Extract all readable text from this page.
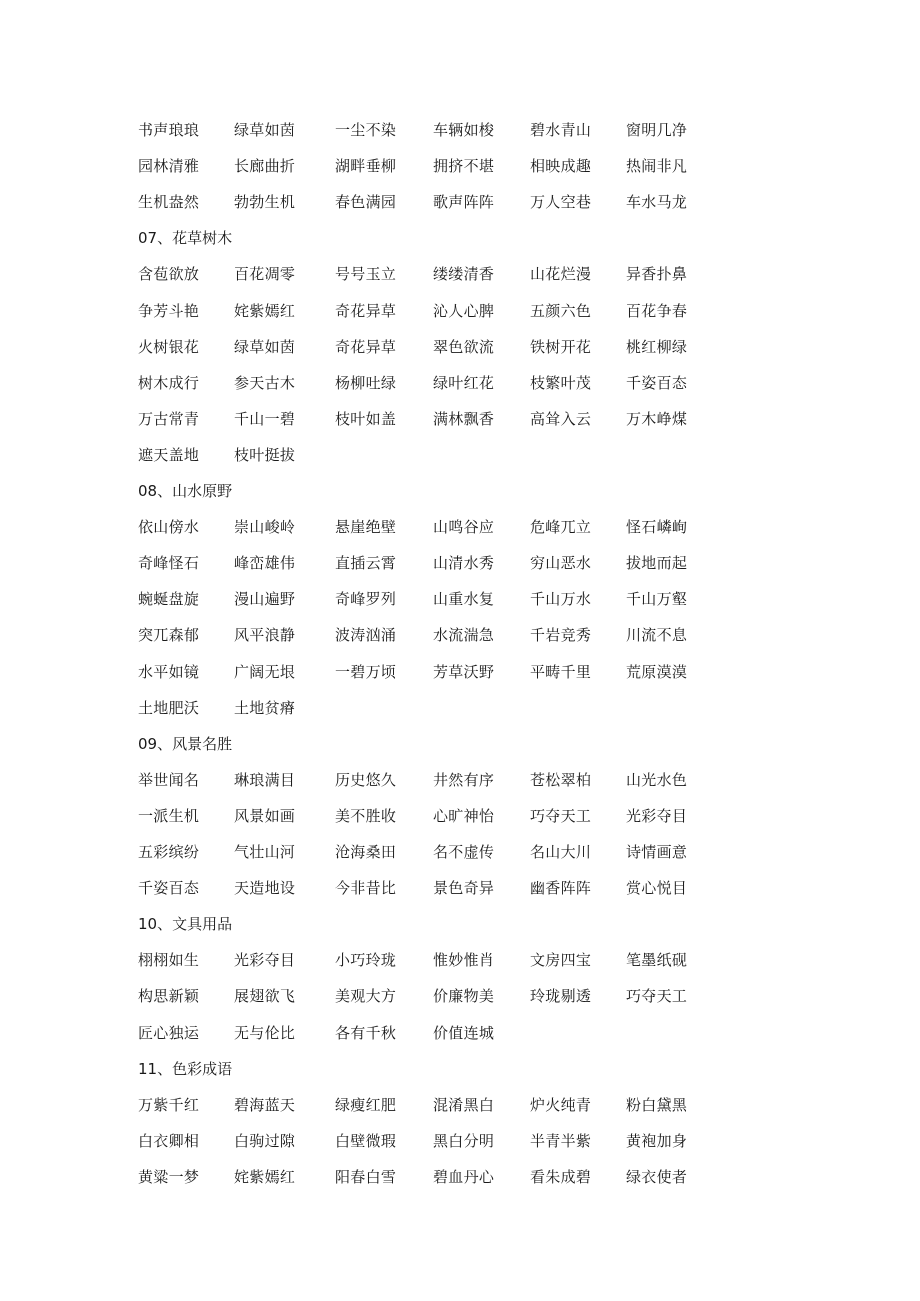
书声琅琅 绿草如茵	一尘不染 车辆如梭 碧水青山 窗明几净
园林清雅 长廊曲折	湖畔垂柳 拥挤不堪 相映成趣 热闹非凡
生机盎然 勃勃生机	春色满园 歌声阵阵 万人空巷 车水马龙
07、花草树木
含苞欲放 百花凋零	号号玉立 缕缕清香 山花烂漫 异香扑鼻
争芳斗艳 姹紫嫣红	奇花异草 沁人心脾 五颜六色 百花争春
火树银花 绿草如茵	奇花异草 翠色欲流 铁树开花 桃红柳绿
树木成行 参天古木	杨柳吐绿 绿叶红花 枝繁叶茂 千姿百态
万古常青 千山一碧	枝叶如盖 满林飘香 高耸入云 万木峥煤
遮天盖地 枝叶挺拔
08、山水原野
依山傍水 崇山峻岭	悬崖绝壁 山鸣谷应 危峰兀立 怪石嶙峋
奇峰怪石 峰峦雄伟	直插云霄 山清水秀 穷山恶水 拔地而起
蜿蜒盘旋 漫山遍野	奇峰罗列 山重水复 千山万水 千山万壑
突兀森郁 风平浪静	波涛汹涌 水流湍急 千岩竞秀 川流不息
水平如镜 广阔无垠	一碧万顷 芳草沃野 平畴千里 荒原漠漠
土地肥沃 土地贫瘠
09、风景名胜
举世闻名 琳琅满目	历史悠久 井然有序 苍松翠柏 山光水色
一派生机 风景如画	美不胜收 心旷神怡 巧夺天工 光彩夺目
五彩缤纷 气壮山河	沧海桑田 名不虚传 名山大川 诗情画意
千姿百态 天造地设	今非昔比 景色奇异 幽香阵阵 赏心悦目
10、文具用品
栩栩如生 光彩夺目	小巧玲珑 惟妙惟肖 文房四宝 笔墨纸砚
构思新颖 展翅欲飞	美观大方 价廉物美 玲珑剔透 巧夺天工
匠心独运 无与伦比	各有千秋 价值连城
11、色彩成语
万紫千红 碧海蓝天	绿瘦红肥 混淆黑白 炉火纯青 粉白黛黑
白衣卿相 白驹过隙	白壁微瑕 黑白分明 半青半紫 黄袍加身
黄粱一梦 姹紫嫣红	阳春白雪 碧血丹心 看朱成碧 绿衣使者
